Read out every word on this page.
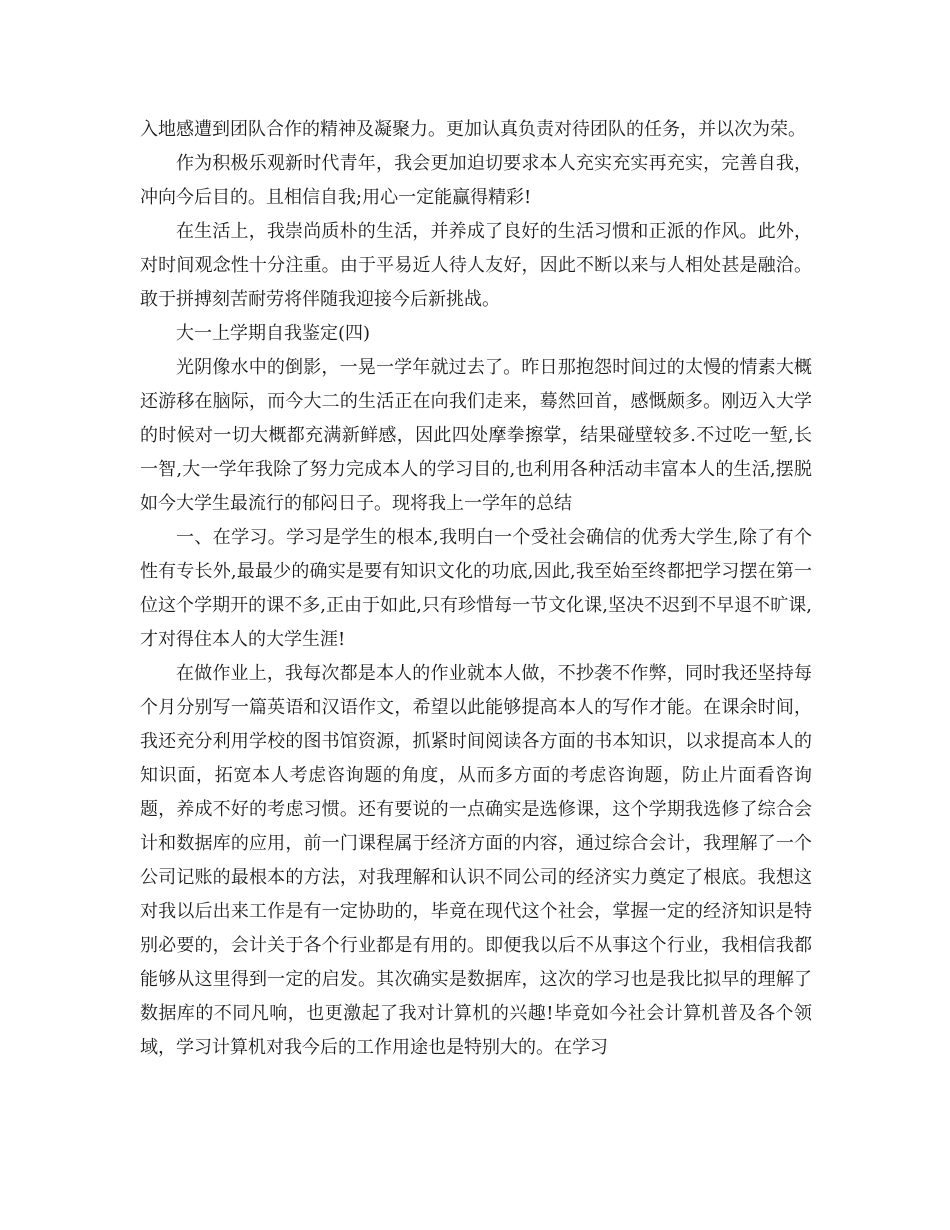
入地感遭到团队合作的精神及凝聚力。更加认真负责对待团队的任务，并以次为荣。

作为积极乐观新时代青年，我会更加迫切要求本人充实充实再充实，完善自我，冲向今后目的。且相信自我;用心一定能赢得精彩!

在生活上，我崇尚质朴的生活，并养成了良好的生活习惯和正派的作风。此外，对时间观念性十分注重。由于平易近人待人友好，因此不断以来与人相处甚是融洽。敢于拼搏刻苦耐劳将伴随我迎接今后新挑战。

大一上学期自我鉴定(四)

光阴像水中的倒影，一晃一学年就过去了。昨日那抱怨时间过的太慢的情素大概还游移在脑际，而今大二的生活正在向我们走来，蓦然回首，感慨颇多。刚迈入大学的时候对一切大概都充满新鲜感，因此四处摩拳擦掌，结果碰壁较多.不过吃一堑,长一智,大一学年我除了努力完成本人的学习目的,也利用各种活动丰富本人的生活,摆脱如今大学生最流行的郁闷日子。现将我上一学年的总结

一、在学习。学习是学生的根本,我明白一个受社会确信的优秀大学生,除了有个性有专长外,最最少的确实是要有知识文化的功底,因此,我至始至终都把学习摆在第一位这个学期开的课不多,正由于如此,只有珍惜每一节文化课,坚决不迟到不早退不旷课,才对得住本人的大学生涯!

在做作业上，我每次都是本人的作业就本人做，不抄袭不作弊，同时我还坚持每个月分别写一篇英语和汉语作文，希望以此能够提高本人的写作才能。在课余时间，我还充分利用学校的图书馆资源，抓紧时间阅读各方面的书本知识，以求提高本人的知识面，拓宽本人考虑咨询题的角度，从而多方面的考虑咨询题，防止片面看咨询题，养成不好的考虑习惯。还有要说的一点确实是选修课，这个学期我选修了综合会计和数据库的应用，前一门课程属于经济方面的内容，通过综合会计，我理解了一个公司记账的最根本的方法，对我理解和认识不同公司的经济实力奠定了根底。我想这对我以后出来工作是有一定协助的，毕竟在现代这个社会，掌握一定的经济知识是特别必要的，会计关于各个行业都是有用的。即便我以后不从事这个行业，我相信我都能够从这里得到一定的启发。其次确实是数据库，这次的学习也是我比拟早的理解了数据库的不同凡响，也更激起了我对计算机的兴趣!毕竟如今社会计算机普及各个领域，学习计算机对我今后的工作用途也是特别大的。在学习
